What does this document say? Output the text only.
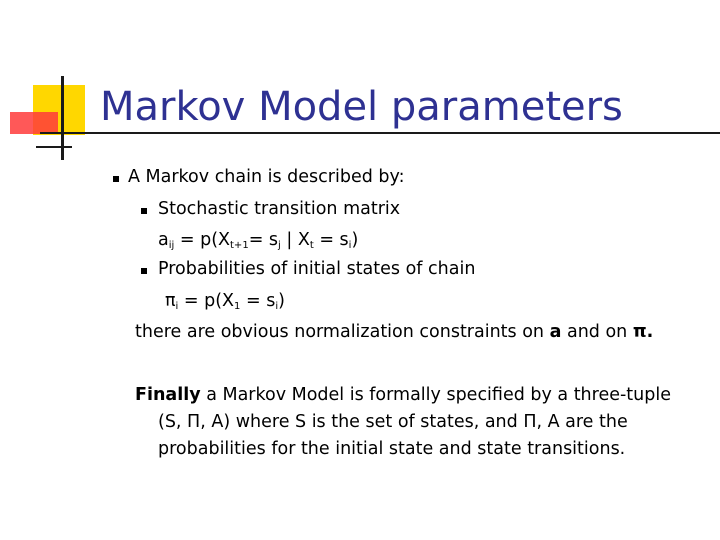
Markov Model parameters
A Markov chain is described by:
Stochastic transition matrix
$a_{ij} = p(X_{t+1}= s_j$ | $X_t = s_i$)
Probabilities of initial states of chain
$\pi_i = p(X_1 = s_i)$
there are obvious normalization constraints on a and on π.
Finally a Markov Model is formally specified by a three-tuple
(S, Π, A) where S is the set of states, and Π, A are the
probabilities for the initial state and state transitions.
